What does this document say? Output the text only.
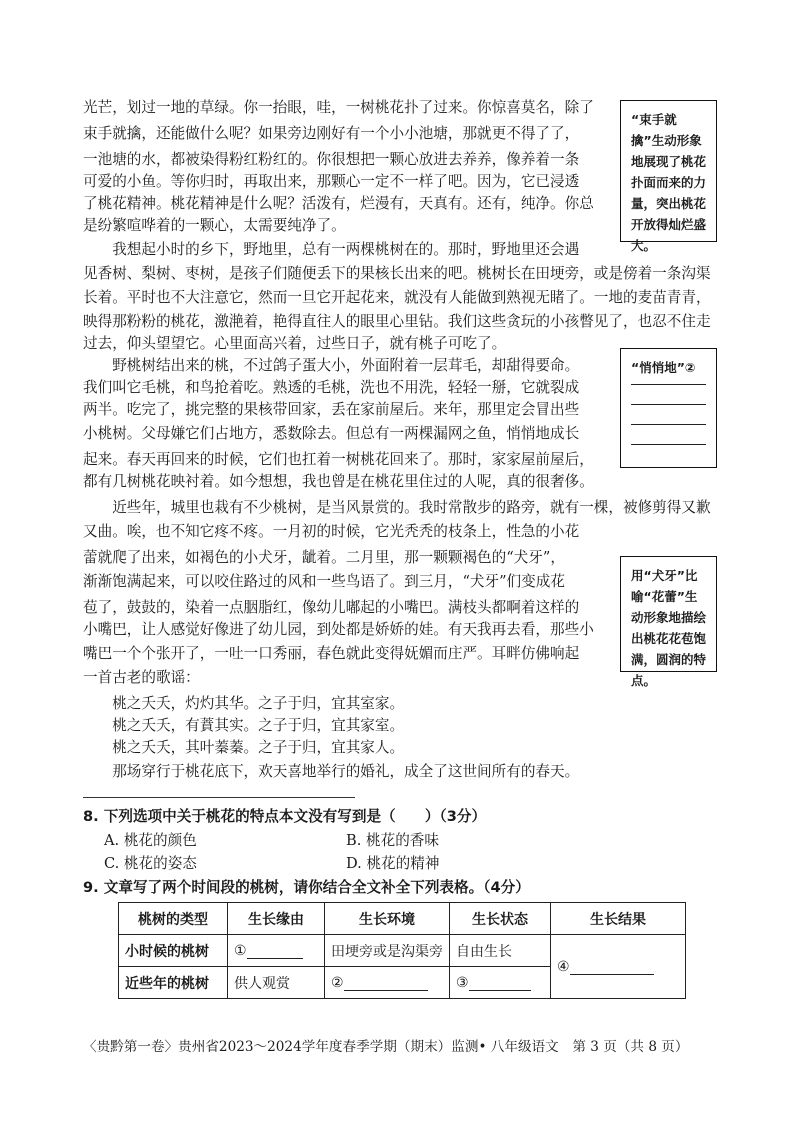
光芒，划过一地的草绿。你一抬眼，哇，一树桃花扑了过来。你惊喜莫名，除了
束手就擒，还能做什么呢？如果旁边刚好有一个小小池塘，那就更不得了了，
一池塘的水，都被染得粉红粉红的。你很想把一颗心放进去养养，像养着一条
可爱的小鱼。等你归时，再取出来，那颗心一定不一样了吧。因为，它已浸透
了桃花精神。桃花精神是什么呢？活泼有，烂漫有，天真有。还有，纯净。你总
是纷繁喧哗着的一颗心，太需要纯净了。
　　我想起小时的乡下，野地里，总有一两棵桃树在的。那时，野地里还会遇
见香树、梨树、枣树，是孩子们随便丢下的果核长出来的吧。桃树长在田埂旁，或是傍着一条沟渠
长着。平时也不大注意它，然而一旦它开起花来，就没有人能做到熟视无睹了。一地的麦苗青青，
映得那粉粉的桃花，激滟着，艳得直往人的眼里心里钻。我们这些贪玩的小孩瞥见了，也忍不住走
过去，仰头望望它。心里面高兴着，过些日子，就有桃子可吃了。
　　野桃树结出来的桃，不过鸽子蛋大小，外面附着一层茸毛，却甜得要命。
我们叫它毛桃，和鸟抢着吃。熟透的毛桃，洗也不用洗，轻轻一掰，它就裂成
两半。吃完了，挑完整的果核带回家，丢在家前屋后。来年，那里定会冒出些
小桃树。父母嫌它们占地方，悉数除去。但总有一两棵漏网之鱼，悄悄地成长
起来。春天再回来的时候，它们也扛着一树桃花回来了。那时，家家屋前屋后，
都有几树桃花映衬着。如今想想，我也曾是在桃花里住过的人呢，真的很奢侈。
　　近些年，城里也栽有不少桃树，是当风景赏的。我时常散步的路旁，就有一棵，被修剪得又歉
又曲。唉，也不知它疼不疼。一月初的时候，它光秃秃的枝条上，性急的小花
蕾就爬了出来，如褐色的小犬牙，龇着。二月里，那一颗颗褐色的“犬牙”，
渐渐饱满起来，可以咬住路过的风和一些鸟语了。到三月，“犬牙”们变成花
苞了，鼓鼓的，染着一点胭脂红，像幼儿嘟起的小嘴巴。满枝头都啊着这样的
小嘴巴，让人感觉好像进了幼儿园，到处都是娇娇的娃。有天我再去看，那些小
嘴巴一个个张开了，一吐一口秀丽，春色就此变得妩媚而庄严。耳畔仿佛响起
一首古老的歌谣：
　　桃之夭夭，灼灼其华。之子于归，宜其室家。
　　桃之夭夭，有蕡其实。之子于归，宜其家室。
　　桃之夭夭，其叶蓁蓁。之子于归，宜其家人。
　　那场穿行于桃花底下，欢天喜地举行的婚礼，成全了这世间所有的春天。
“束手就擒”生动形象地展现了桃花扑面而来的力量，突出桃花开放得灿烂盛大。
“悄悄地”②
用“犬牙”比喻“花蕾”生动形象地描绘出桃花花苞饱满，圆润的特点。
8. 下列选项中关于桃花的特点本文没有写到是（　　）（3分）
A. 桃花的颜色	B. 桃花的香味
C. 桃花的姿态	D. 桃花的精神
9. 文章写了两个时间段的桃树，请你结合全文补全下列表格。（4分）
桃树的类型	生长缘由	生长环境	生长状态	生长结果
小时候的桃树	①	田埂旁或是沟渠旁	自由生长	④
近些年的桃树	供人观赏	②	③	
〈贵黔第一卷〉贵州省2023～2024学年度春季学期（期末）监测• 八年级语文　第 3 页（共 8 页）
